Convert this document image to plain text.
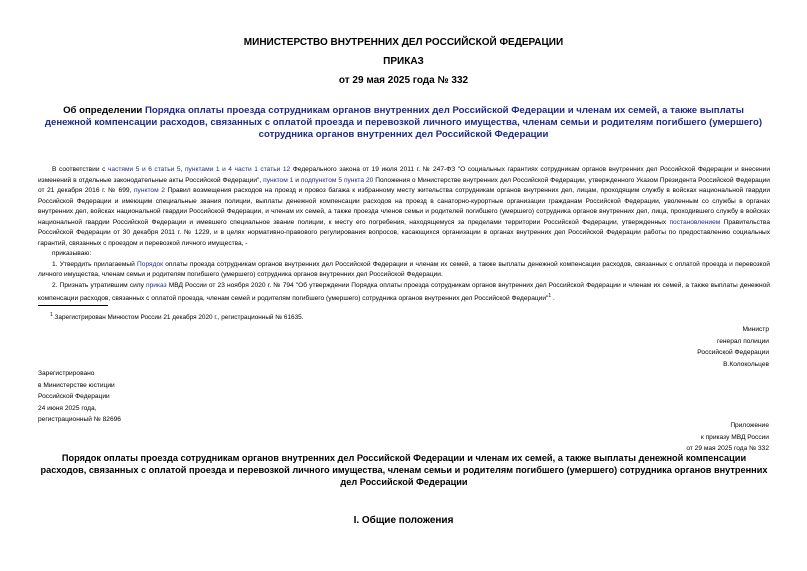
МИНИСТЕРСТВО ВНУТРЕННИХ ДЕЛ РОССИЙСКОЙ ФЕДЕРАЦИИ
ПРИКАЗ
от 29 мая 2025 года № 332
Об определении Порядка оплаты проезда сотрудникам органов внутренних дел Российской Федерации и членам их семей, а также выплаты денежной компенсации расходов, связанных с оплатой проезда и перевозкой личного имущества, членам семьи и родителям погибшего (умершего) сотрудника органов внутренних дел Российской Федерации

В соответствии с частями 5 и 6 статьи 5, пунктами 1 и 4 части 1 статьи 12 Федерального закона от 19 июля 2011 г. № 247-ФЗ "О социальных гарантиях сотрудникам органов внутренних дел Российской Федерации и внесении изменений в отдельные законодательные акты Российской Федерации", пунктом 1 и подпунктом 5 пункта 20 Положения о Министерстве внутренних дел Российской Федерации, утвержденного Указом Президента Российской Федерации от 21 декабря 2016 г. № 699, пунктом 2 Правил возмещения расходов на проезд и провоз багажа к избранному месту жительства сотрудникам органов внутренних дел, лицам, проходящим службу в войсках национальной гвардии Российской Федерации и имеющим специальные звания полиции, выплаты денежной компенсации расходов на проезд в санаторно-курортные организации гражданам Российской Федерации, уволенным со службы в органах внутренних дел, войсках национальной гвардии Российской Федерации, и членам их семей, а также проезда членов семьи и родителей погибшего (умершего) сотрудника органов внутренних дел, лица, проходившего службу в войсках национальной гвардии Российской Федерации и имевшего специальное звание полиции, к месту его погребения, находящемуся за пределами территории Российской Федерации, утвержденных постановлением Правительства Российской Федерации от 30 декабря 2011 г. № 1229, и в целях нормативно-правового регулирования вопросов, касающихся организации в органах внутренних дел Российской Федерации работы по предоставлению социальных гарантий, связанных с проездом и перевозкой личного имущества, -

приказываю:

1. Утвердить прилагаемый Порядок оплаты проезда сотрудникам органов внутренних дел Российской Федерации и членам их семей, а также выплаты денежной компенсации расходов, связанных с оплатой проезда и перевозкой личного имущества, членам семьи и родителям погибшего (умершего) сотрудника органов внутренних дел Российской Федерации.

2. Признать утратившим силу приказ МВД России от 23 ноября 2020 г. № 794 "Об утверждении Порядка оплаты проезда сотрудникам органов внутренних дел Российской Федерации и членам их семей, а также выплаты денежной компенсации расходов, связанных с оплатой проезда, членам семей и родителям погибшего (умершего) сотрудника органов внутренних дел Российской Федерации"$^1$ .

$^1$ Зарегистрирован Минюстом России 21 декабря 2020 г., регистрационный № 61635.
Министр
генерал полиции
Российской Федерации
В.Колокольцев
Зарегистрировано
в Министерстве юстиции
Российской Федерации
24 июня 2025 года,
регистрационный № 82696
Приложение
к приказу МВД России
от 29 мая 2025 года № 332
Порядок оплаты проезда сотрудникам органов внутренних дел Российской Федерации и членам их семей, а также выплаты денежной компенсации расходов, связанных с оплатой проезда и перевозкой личного имущества, членам семьи и родителям погибшего (умершего) сотрудника органов внутренних дел Российской Федерации
I. Общие положения
